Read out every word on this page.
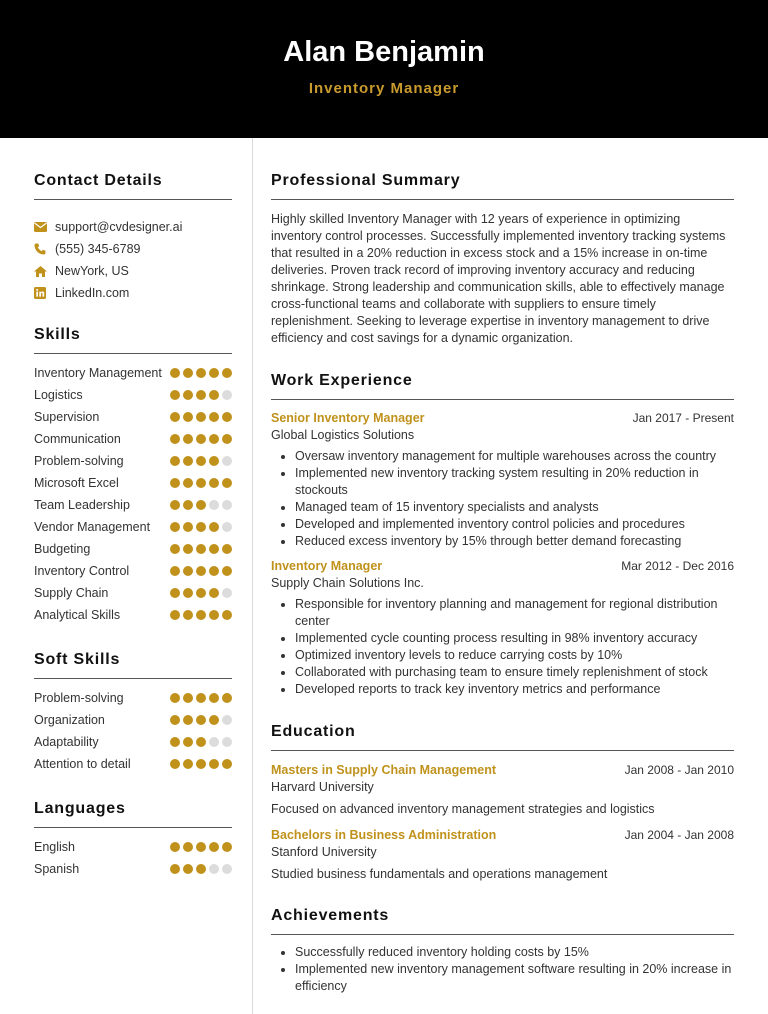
Alan Benjamin
Inventory Manager
Contact Details
support@cvdesigner.ai
(555) 345-6789
NewYork, US
LinkedIn.com
Skills
Inventory Management
Logistics
Supervision
Communication
Problem-solving
Microsoft Excel
Team Leadership
Vendor Management
Budgeting
Inventory Control
Supply Chain
Analytical Skills
Soft Skills
Problem-solving
Organization
Adaptability
Attention to detail
Languages
English
Spanish
Professional Summary

Highly skilled Inventory Manager with 12 years of experience in optimizing inventory control processes. Successfully implemented inventory tracking systems that resulted in a 20% reduction in excess stock and a 15% increase in on-time deliveries. Proven track record of improving inventory accuracy and reducing shrinkage. Strong leadership and communication skills, able to effectively manage cross-functional teams and collaborate with suppliers to ensure timely replenishment. Seeking to leverage expertise in inventory management to drive efficiency and cost savings for a dynamic organization.

Work Experience
Senior Inventory Manager	Jan 2017 - Present
Global Logistics Solutions
• Oversaw inventory management for multiple warehouses across the country
• Implemented new inventory tracking system resulting in 20% reduction in stockouts
• Managed team of 15 inventory specialists and analysts
• Developed and implemented inventory control policies and procedures
• Reduced excess inventory by 15% through better demand forecasting
Inventory Manager	Mar 2012 - Dec 2016
Supply Chain Solutions Inc.
• Responsible for inventory planning and management for regional distribution center
• Implemented cycle counting process resulting in 98% inventory accuracy
• Optimized inventory levels to reduce carrying costs by 10%
• Collaborated with purchasing team to ensure timely replenishment of stock
• Developed reports to track key inventory metrics and performance
Education
Masters in Supply Chain Management	Jan 2008 - Jan 2010
Harvard University
Focused on advanced inventory management strategies and logistics
Bachelors in Business Administration	Jan 2004 - Jan 2008
Stanford University
Studied business fundamentals and operations management
Achievements
• Successfully reduced inventory holding costs by 15%
• Implemented new inventory management software resulting in 20% increase in efficiency
